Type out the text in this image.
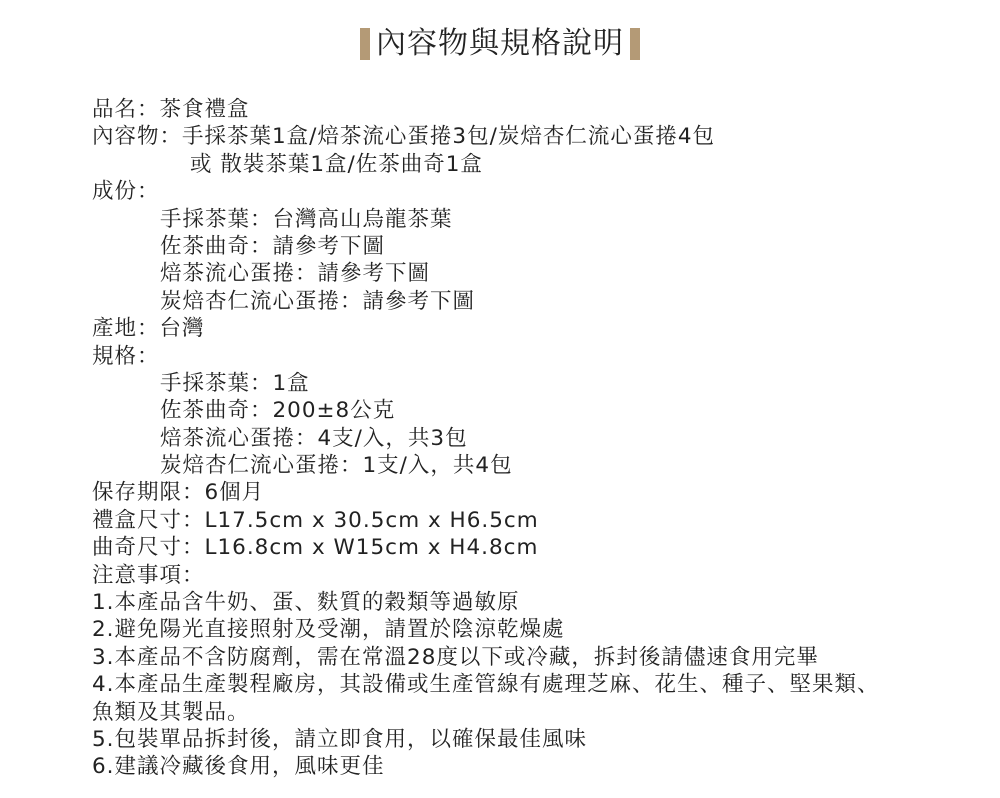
內容物與規格說明
品名：茶食禮盒
內容物：手採茶葉1盒/焙茶流心蛋捲3包/炭焙杏仁流心蛋捲4包
或 散裝茶葉1盒/佐茶曲奇1盒
成份：
手採茶葉：台灣高山烏龍茶葉
佐茶曲奇：請參考下圖
焙茶流心蛋捲：請參考下圖
炭焙杏仁流心蛋捲：請參考下圖
產地：台灣
規格：
手採茶葉：1盒
佐茶曲奇：200±8公克
焙茶流心蛋捲：4支/入，共3包
炭焙杏仁流心蛋捲：1支/入，共4包
保存期限：6個月
禮盒尺寸：L17.5cm x 30.5cm x H6.5cm
曲奇尺寸：L16.8cm x W15cm x H4.8cm
注意事項：
1.本產品含牛奶、蛋、麩質的穀類等過敏原
2.避免陽光直接照射及受潮，請置於陰涼乾燥處
3.本產品不含防腐劑，需在常溫28度以下或冷藏，拆封後請儘速食用完畢
4.本產品生產製程廠房，其設備或生產管線有處理芝麻、花生、種子、堅果類、
魚類及其製品。
5.包裝單品拆封後，請立即食用，以確保最佳風味
6.建議冷藏後食用，風味更佳
